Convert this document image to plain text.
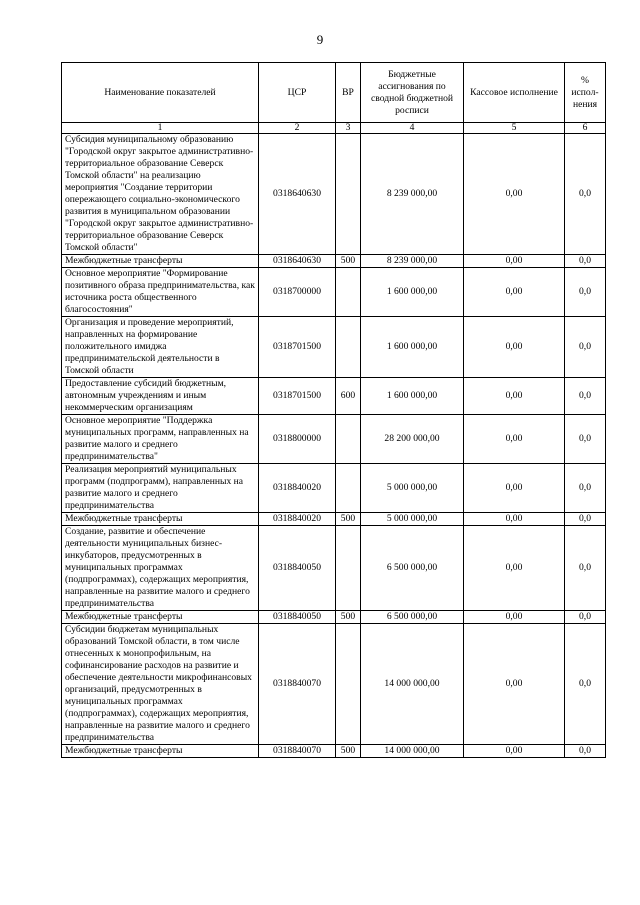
9
Наименование показателей	ЦСР	ВР	Бюджетные ассигнования по сводной бюджетной росписи	Кассовое исполнение	% испол-нения
1	2	3	4	5	6
Субсидия муниципальному образованию "Городской округ закрытое административно-территориальное образование Северск Томской области" на реализацию мероприятия "Создание территории опережающего социально-экономического развития в муниципальном образовании "Городской округ закрытое административно-территориальное образование Северск Томской области"	0318640630		8 239 000,00	0,00	0,0
Межбюджетные трансферты	0318640630	500	8 239 000,00	0,00	0,0
Основное мероприятие "Формирование позитивного образа предпринимательства, как источника роста общественного благосостояния"	0318700000		1 600 000,00	0,00	0,0
Организация и проведение мероприятий, направленных на формирование положительного имиджа предпринимательской деятельности в Томской области	0318701500		1 600 000,00	0,00	0,0
Предоставление субсидий бюджетным, автономным учреждениям и иным некоммерческим организациям	0318701500	600	1 600 000,00	0,00	0,0
Основное мероприятие "Поддержка муниципальных программ, направленных на развитие малого и среднего предпринимательства"	0318800000		28 200 000,00	0,00	0,0
Реализация мероприятий муниципальных программ (подпрограмм), направленных на развитие малого и среднего предпринимательства	0318840020		5 000 000,00	0,00	0,0
Межбюджетные трансферты	0318840020	500	5 000 000,00	0,00	0,0
Создание, развитие и обеспечение деятельности муниципальных бизнес-инкубаторов, предусмотренных в муниципальных программах (подпрограммах), содержащих мероприятия, направленные на развитие малого и среднего предпринимательства	0318840050		6 500 000,00	0,00	0,0
Межбюджетные трансферты	0318840050	500	6 500 000,00	0,00	0,0
Субсидии бюджетам муниципальных образований Томской области, в том числе отнесенных к монопрофильным, на софинансирование расходов на развитие и обеспечение деятельности микрофинансовых организаций, предусмотренных в муниципальных программах (подпрограммах), содержащих мероприятия, направленные на развитие малого и среднего предпринимательства	0318840070		14 000 000,00	0,00	0,0
Межбюджетные трансферты	0318840070	500	14 000 000,00	0,00	0,0
